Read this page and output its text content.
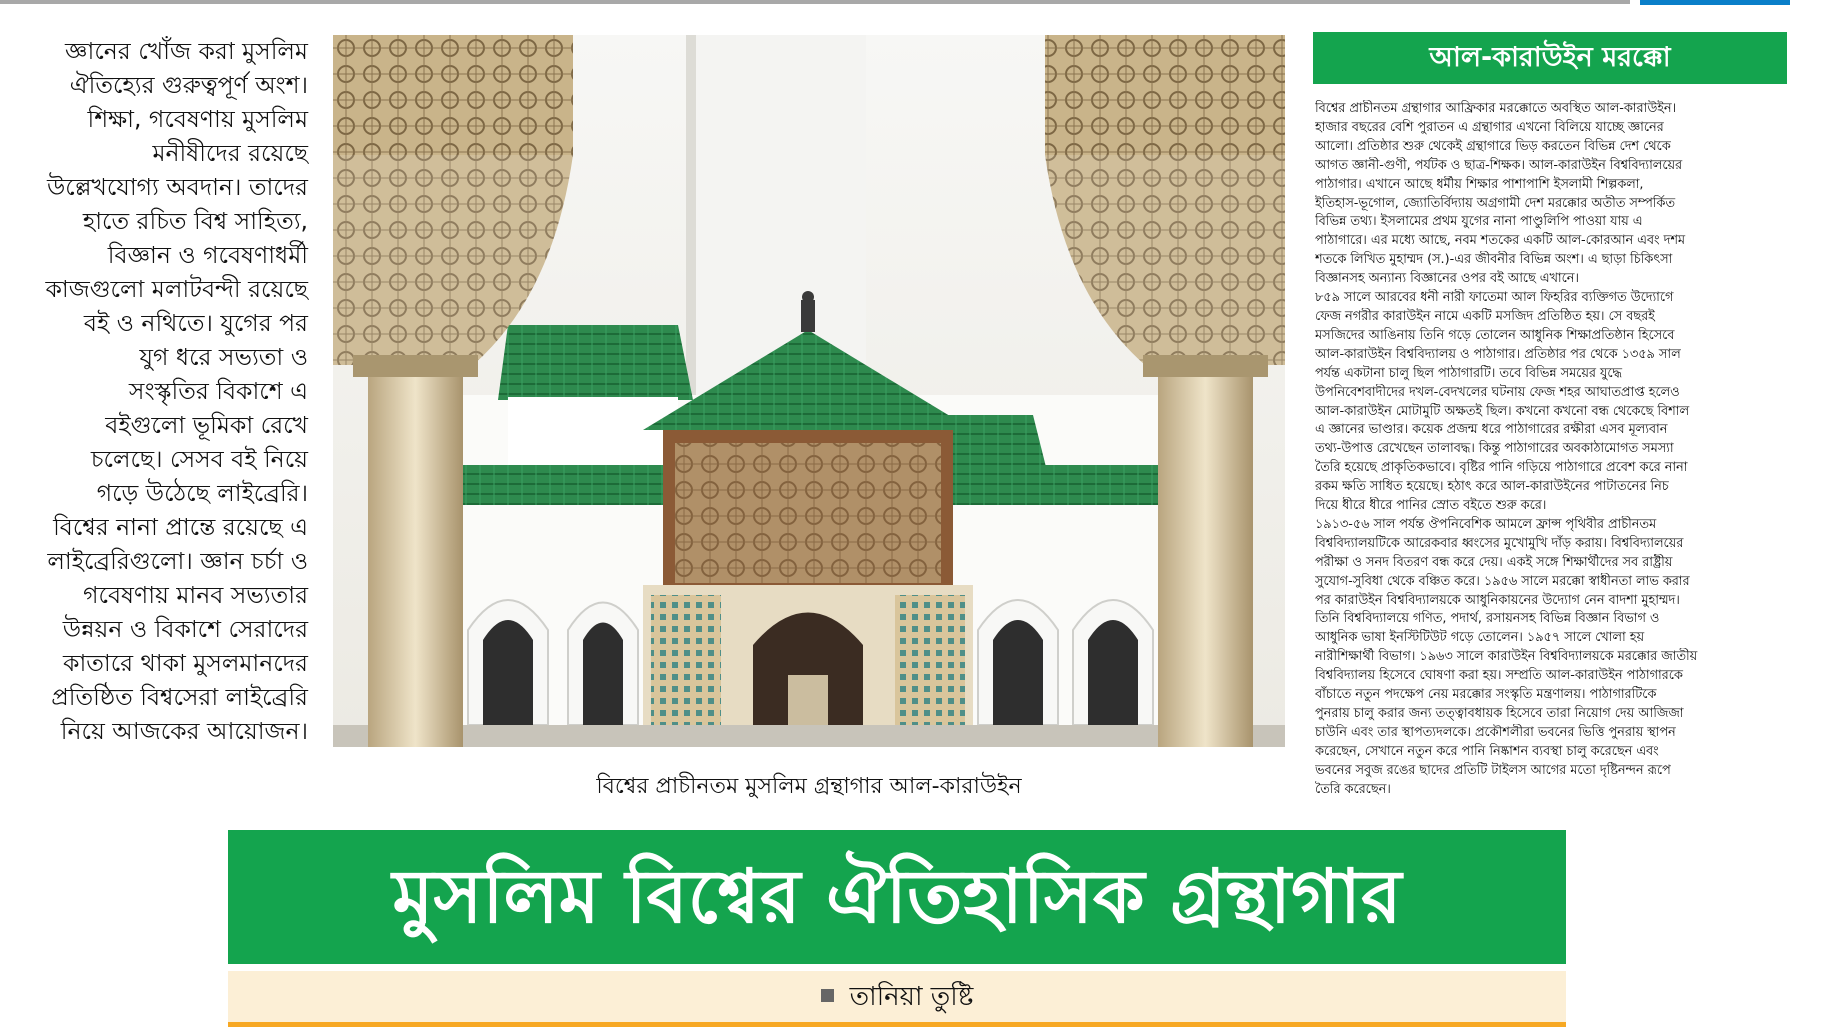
জ্ঞানের খোঁজ করা মুসলিম
ঐতিহ্যের গুরুত্বপূর্ণ অংশ।
শিক্ষা, গবেষণায় মুসলিম
মনীষীদের রয়েছে
উল্লেখযোগ্য অবদান। তাদের
হাতে রচিত বিশ্ব সাহিত্য,
বিজ্ঞান ও গবেষণাধর্মী
কাজগুলো মলাটবন্দী রয়েছে
বই ও নথিতে। যুগের পর
যুগ ধরে সভ্যতা ও
সংস্কৃতির বিকাশে এ
বইগুলো ভূমিকা রেখে
চলেছে। সেসব বই নিয়ে
গড়ে উঠেছে লাইব্রেরি।
বিশ্বের নানা প্রান্তে রয়েছে এ
লাইব্রেরিগুলো। জ্ঞান চর্চা ও
গবেষণায় মানব সভ্যতার
উন্নয়ন ও বিকাশে সেরাদের
কাতারে থাকা মুসলমানদের
প্রতিষ্ঠিত বিশ্বসেরা লাইব্রেরি
নিয়ে আজকের আয়োজন।
বিশ্বের প্রাচীনতম মুসলিম গ্রন্থাগার আল-কারাউইন
আল-কারাউইন মরক্কো
বিশ্বের প্রাচীনতম গ্রন্থাগার আফ্রিকার মরক্কোতে অবস্থিত আল-কারাউইন।
হাজার বছরের বেশি পুরাতন এ গ্রন্থাগার এখনো বিলিয়ে যাচ্ছে জ্ঞানের
আলো। প্রতিষ্ঠার শুরু থেকেই গ্রন্থাগারে ভিড় করতেন বিভিন্ন দেশ থেকে
আগত জ্ঞানী-গুণী, পর্যটক ও ছাত্র-শিক্ষক। আল-কারাউইন বিশ্ববিদ্যালয়ের
পাঠাগার। এখানে আছে ধর্মীয় শিক্ষার পাশাপাশি ইসলামী শিল্পকলা,
ইতিহাস-ভূগোল, জ্যোতির্বিদ্যায় অগ্রগামী দেশ মরক্কোর অতীত সম্পর্কিত
বিভিন্ন তথ্য। ইসলামের প্রথম যুগের নানা পাণ্ডুলিপি পাওয়া যায় এ
পাঠাগারে। এর মধ্যে আছে, নবম শতকের একটি আল-কোরআন এবং দশম
শতকে লিখিত মুহাম্মদ (স.)-এর জীবনীর বিভিন্ন অংশ। এ ছাড়া চিকিৎসা
বিজ্ঞানসহ অন্যান্য বিজ্ঞানের ওপর বই আছে এখানে।
৮৫৯ সালে আরবের ধনী নারী ফাতেমা আল ফিহরির ব্যক্তিগত উদ্যোগে
ফেজ নগরীর কারাউইন নামে একটি মসজিদ প্রতিষ্ঠিত হয়। সে বছরই
মসজিদের আঙিনায় তিনি গড়ে তোলেন আধুনিক শিক্ষাপ্রতিষ্ঠান হিসেবে
আল-কারাউইন বিশ্ববিদ্যালয় ও পাঠাগার। প্রতিষ্ঠার পর থেকে ১৩৫৯ সাল
পর্যন্ত একটানা চালু ছিল পাঠাগারটি। তবে বিভিন্ন সময়ের যুদ্ধে
উপনিবেশবাদীদের দখল-বেদখলের ঘটনায় ফেজ শহর আঘাতপ্রাপ্ত হলেও
আল-কারাউইন মোটামুটি অক্ষতই ছিল। কখনো কখনো বন্ধ থেকেছে বিশাল
এ জ্ঞানের ভাণ্ডার। কয়েক প্রজন্ম ধরে পাঠাগারের রক্ষীরা এসব মূল্যবান
তথ্য-উপাত্ত রেখেছেন তালাবদ্ধ। কিন্তু পাঠাগারের অবকাঠামোগত সমস্যা
তৈরি হয়েছে প্রাকৃতিকভাবে। বৃষ্টির পানি গড়িয়ে পাঠাগারে প্রবেশ করে নানা
রকম ক্ষতি সাধিত হয়েছে। হঠাৎ করে আল-কারাউইনের পাটাতনের নিচ
দিয়ে ধীরে ধীরে পানির স্রোত বইতে শুরু করে।
১৯১৩-৫৬ সাল পর্যন্ত ঔপনিবেশিক আমলে ফ্রান্স পৃথিবীর প্রাচীনতম
বিশ্ববিদ্যালয়টিকে আরেকবার ধ্বংসের মুখোমুখি দাঁড় করায়। বিশ্ববিদ্যালয়ের
পরীক্ষা ও সনদ বিতরণ বন্ধ করে দেয়। একই সঙ্গে শিক্ষার্থীদের সব রাষ্ট্রীয়
সুযোগ-সুবিধা থেকে বঞ্চিত করে। ১৯৫৬ সালে মরক্কো স্বাধীনতা লাভ করার
পর কারাউইন বিশ্ববিদ্যালয়কে আধুনিকায়নের উদ্যোগ নেন বাদশা মুহাম্মদ।
তিনি বিশ্ববিদ্যালয়ে গণিত, পদার্থ, রসায়নসহ বিভিন্ন বিজ্ঞান বিভাগ ও
আধুনিক ভাষা ইনস্টিটিউট গড়ে তোলেন। ১৯৫৭ সালে খোলা হয়
নারীশিক্ষার্থী বিভাগ। ১৯৬৩ সালে কারাউইন বিশ্ববিদ্যালয়কে মরক্কোর জাতীয়
বিশ্ববিদ্যালয় হিসেবে ঘোষণা করা হয়। সম্প্রতি আল-কারাউইন পাঠাগারকে
বাঁচাতে নতুন পদক্ষেপ নেয় মরক্কোর সংস্কৃতি মন্ত্রণালয়। পাঠাগারটিকে
পুনরায় চালু করার জন্য তত্ত্বাবধায়ক হিসেবে তারা নিয়োগ দেয় আজিজা
চাউনি এবং তার স্থাপত্যদলকে। প্রকৌশলীরা ভবনের ভিত্তি পুনরায় স্থাপন
করেছেন, সেখানে নতুন করে পানি নিষ্কাশন ব্যবস্থা চালু করেছেন এবং
ভবনের সবুজ রঙের ছাদের প্রতিটি টাইলস আগের মতো দৃষ্টিনন্দন রূপে
তৈরি করেছেন।
মুসলিম বিশ্বের ঐতিহাসিক গ্রন্থাগার
তানিয়া তুষ্টি
